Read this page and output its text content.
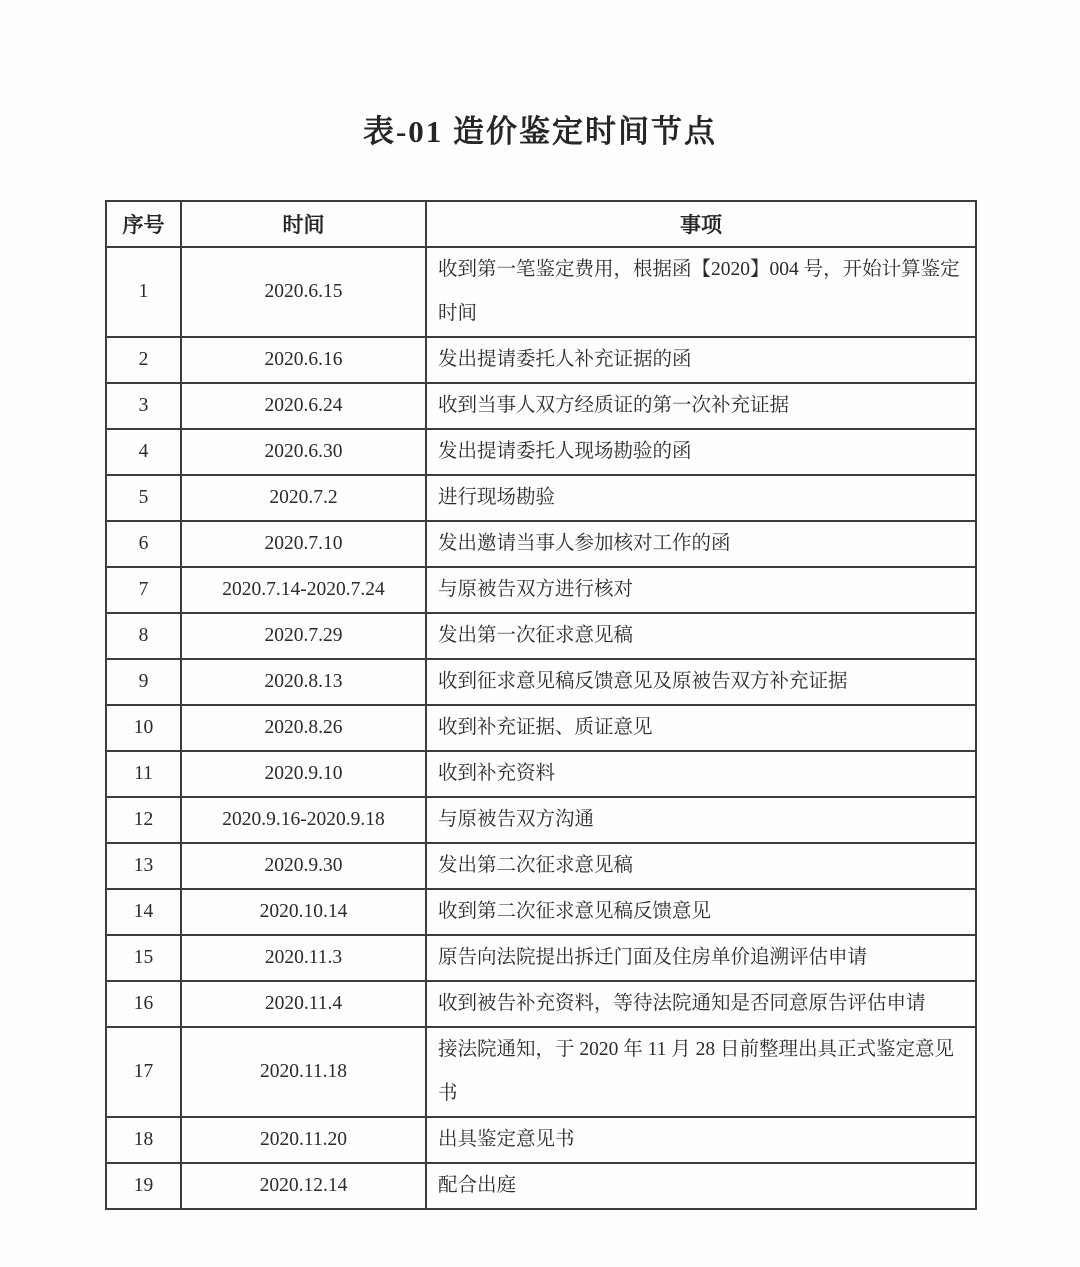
表-01 造价鉴定时间节点
序号	时间	事项
1	2020.6.15	收到第一笔鉴定费用，根据函【2020】004 号，开始计算鉴定时间
2	2020.6.16	发出提请委托人补充证据的函
3	2020.6.24	收到当事人双方经质证的第一次补充证据
4	2020.6.30	发出提请委托人现场勘验的函
5	2020.7.2	进行现场勘验
6	2020.7.10	发出邀请当事人参加核对工作的函
7	2020.7.14-2020.7.24	与原被告双方进行核对
8	2020.7.29	发出第一次征求意见稿
9	2020.8.13	收到征求意见稿反馈意见及原被告双方补充证据
10	2020.8.26	收到补充证据、质证意见
11	2020.9.10	收到补充资料
12	2020.9.16-2020.9.18	与原被告双方沟通
13	2020.9.30	发出第二次征求意见稿
14	2020.10.14	收到第二次征求意见稿反馈意见
15	2020.11.3	原告向法院提出拆迁门面及住房单价追溯评估申请
16	2020.11.4	收到被告补充资料，等待法院通知是否同意原告评估申请
17	2020.11.18	接法院通知，于 2020 年 11 月 28 日前整理出具正式鉴定意见书
18	2020.11.20	出具鉴定意见书
19	2020.12.14	配合出庭
